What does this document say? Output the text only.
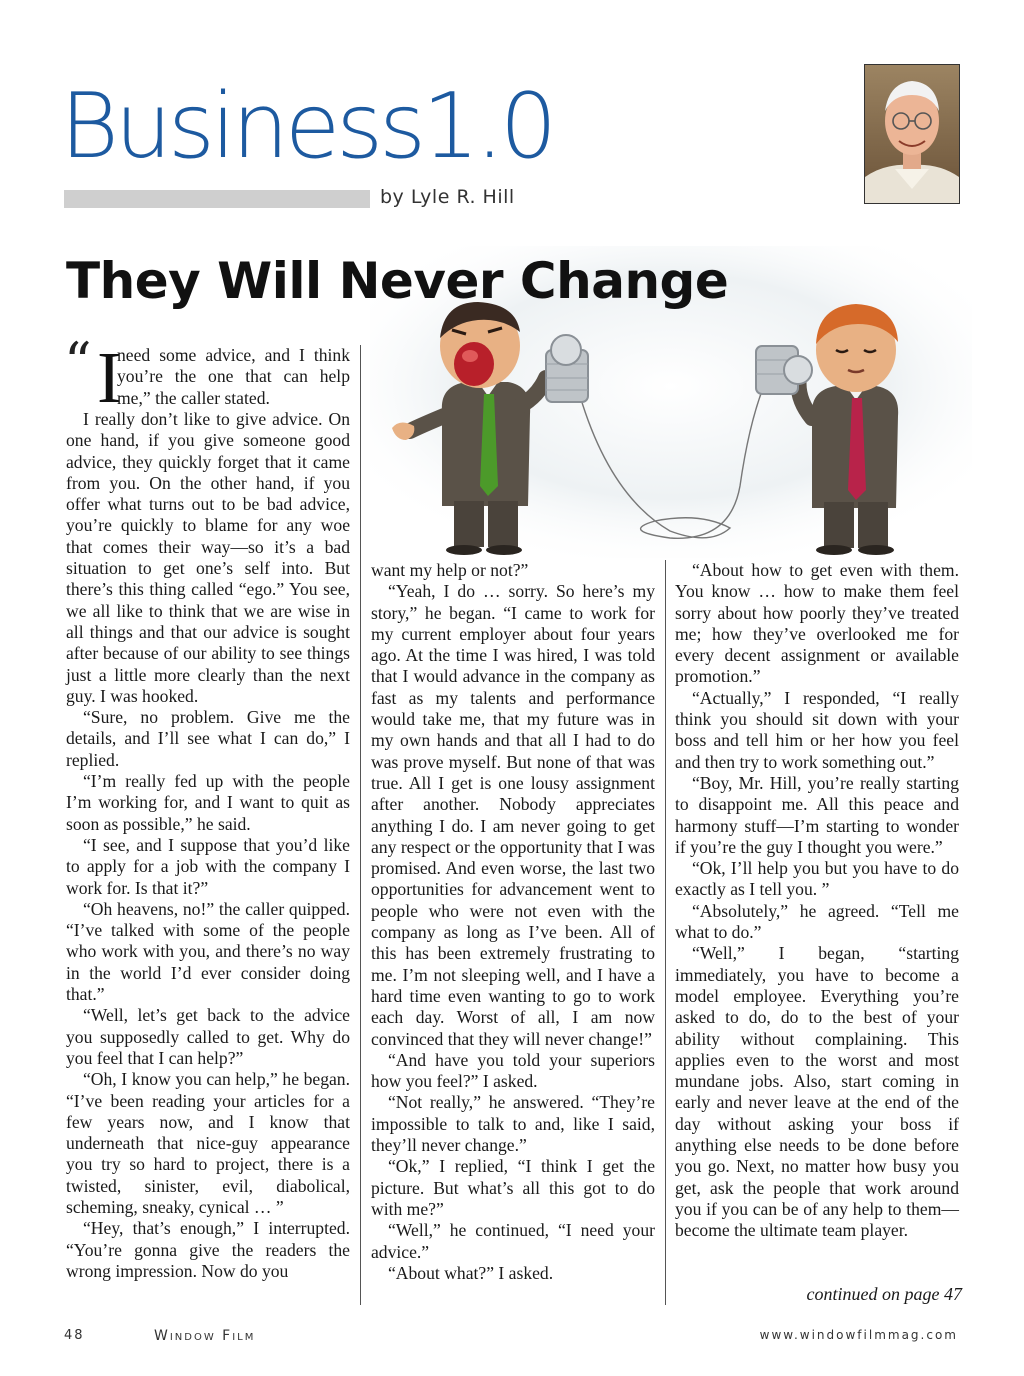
Business1.0
by Lyle R. Hill
They Will Never Change
“ I

need some advice, and I think you’re the one that can help me,” the caller stated.

I really don’t like to give advice. On one hand, if you give someone good advice, they quickly forget that it came from you. On the other hand, if you offer what turns out to be bad advice, you’re quickly to blame for any woe that comes their way—so it’s a bad situation to get one’s self into. But there’s this thing called “ego.” You see, we all like to think that we are wise in all things and that our advice is sought after because of our ability to see things just a little more clearly than the next guy. I was hooked.

“Sure, no problem. Give me the details, and I’ll see what I can do,” I replied.

“I’m really fed up with the people I’m working for, and I want to quit as soon as possible,” he said.

“I see, and I suppose that you’d like to apply for a job with the company I work for. Is that it?”

“Oh heavens, no!” the caller quipped. “I’ve talked with some of the people who work with you, and there’s no way in the world I’d ever consider doing that.”

“Well, let’s get back to the advice you supposedly called to get. Why do you feel that I can help?”

“Oh, I know you can help,” he began. “I’ve been reading your articles for a few years now, and I know that underneath that nice-guy appearance you try so hard to project, there is a twisted, sinister, evil, diabolical, scheming, sneaky, cynical … ”

“Hey, that’s enough,” I interrupted. “You’re gonna give the readers the wrong impression. Now do you

want my help or not?”

“Yeah, I do … sorry. So here’s my story,” he began. “I came to work for my current employer about four years ago. At the time I was hired, I was told that I would advance in the company as fast as my talents and performance would take me, that my future was in my own hands and that all I had to do was prove myself. But none of that was true. All I get is one lousy assignment after another. Nobody appreciates anything I do. I am never going to get any respect or the opportunity that I was promised. And even worse, the last two opportunities for advancement went to people who were not even with the company as long as I’ve been. All of this has been extremely frustrating to me. I’m not sleeping well, and I have a hard time even wanting to go to work each day. Worst of all, I am now convinced that they will never change!”

“And have you told your superiors how you feel?” I asked.

“Not really,” he answered. “They’re impossible to talk to and, like I said, they’ll never change.”

“Ok,” I replied, “I think I get the picture. But what’s all this got to do with me?”

“Well,” he continued, “I need your advice.”

“About what?” I asked.

“About how to get even with them. You know … how to make them feel sorry about how poorly they’ve treated me; how they’ve overlooked me for every decent assignment or available promotion.”

“Actually,” I responded, “I really think you should sit down with your boss and tell him or her how you feel and then try to work something out.”

“Boy, Mr. Hill, you’re really starting to disappoint me. All this peace and harmony stuff—I’m starting to wonder if you’re the guy I thought you were.”

“Ok, I’ll help you but you have to do exactly as I tell you. ”

“Absolutely,” he agreed. “Tell me what to do.”

“Well,” I began, “starting immediately, you have to become a model employee. Everything you’re asked to do, do to the best of your ability without complaining. This applies even to the worst and most mundane jobs. Also, start coming in early and never leave at the end of the day without asking your boss if anything else needs to be done before you go. Next, no matter how busy you get, ask the people that work around you if you can be of any help to them—become the ultimate team player.

continued on page 47
48	Window Film	www.windowfilmmag.com
